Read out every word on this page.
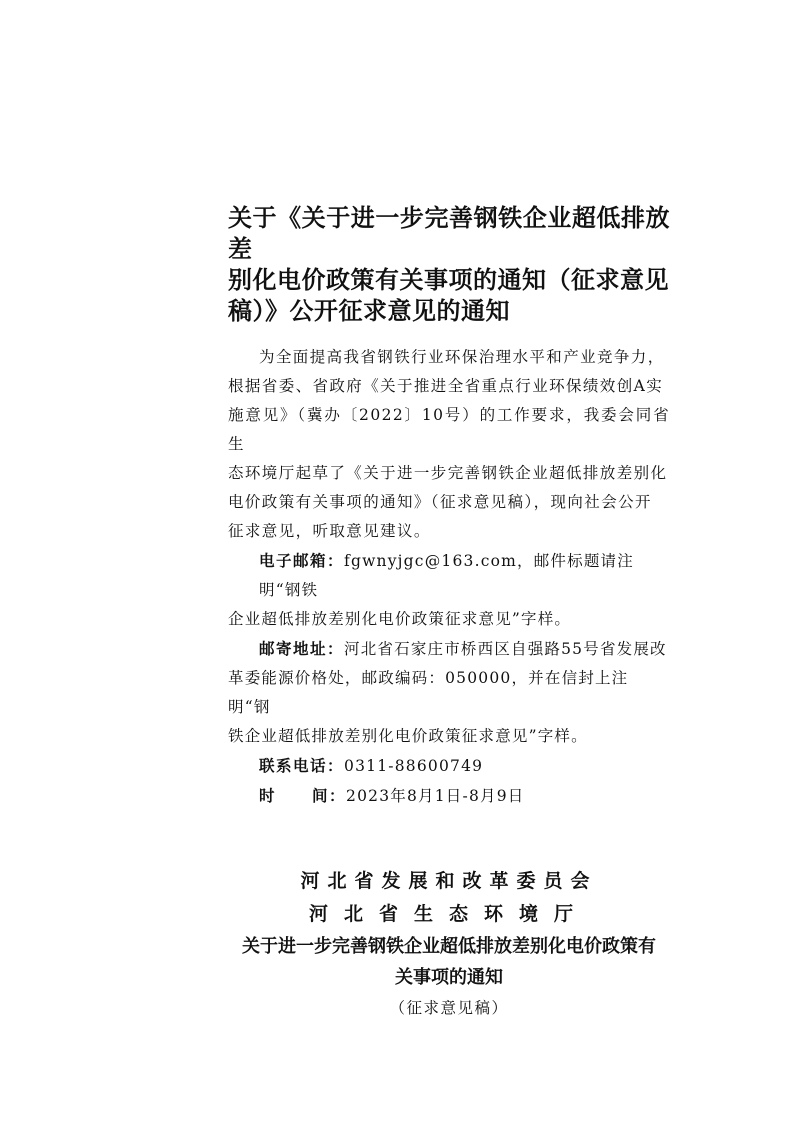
关于《关于进一步完善钢铁企业超低排放差
别化电价政策有关事项的通知（征求意见
稿）》公开征求意见的通知

为全面提高我省钢铁行业环保治理水平和产业竞争力，
根据省委、省政府《关于推进全省重点行业环保绩效创A实
施意见》（冀办〔2022〕10号）的工作要求，我委会同省生
态环境厅起草了《关于进一步完善钢铁企业超低排放差别化
电价政策有关事项的通知》（征求意见稿），现向社会公开
征求意见，听取意见建议。

电子邮箱：fgwnyjgc@163.com，邮件标题请注明“钢铁
企业超低排放差别化电价政策征求意见”字样。

邮寄地址：河北省石家庄市桥西区自强路55号省发展改
革委能源价格处，邮政编码：050000，并在信封上注明“钢
铁企业超低排放差别化电价政策征求意见”字样。

联系电话：0311-88600749

时 间：2023年8月1日-8月9日

河北省发展和改革委员会

河北省生态环境厅

关于进一步完善钢铁企业超低排放差别化电价政策有
关事项的通知

（征求意见稿）
